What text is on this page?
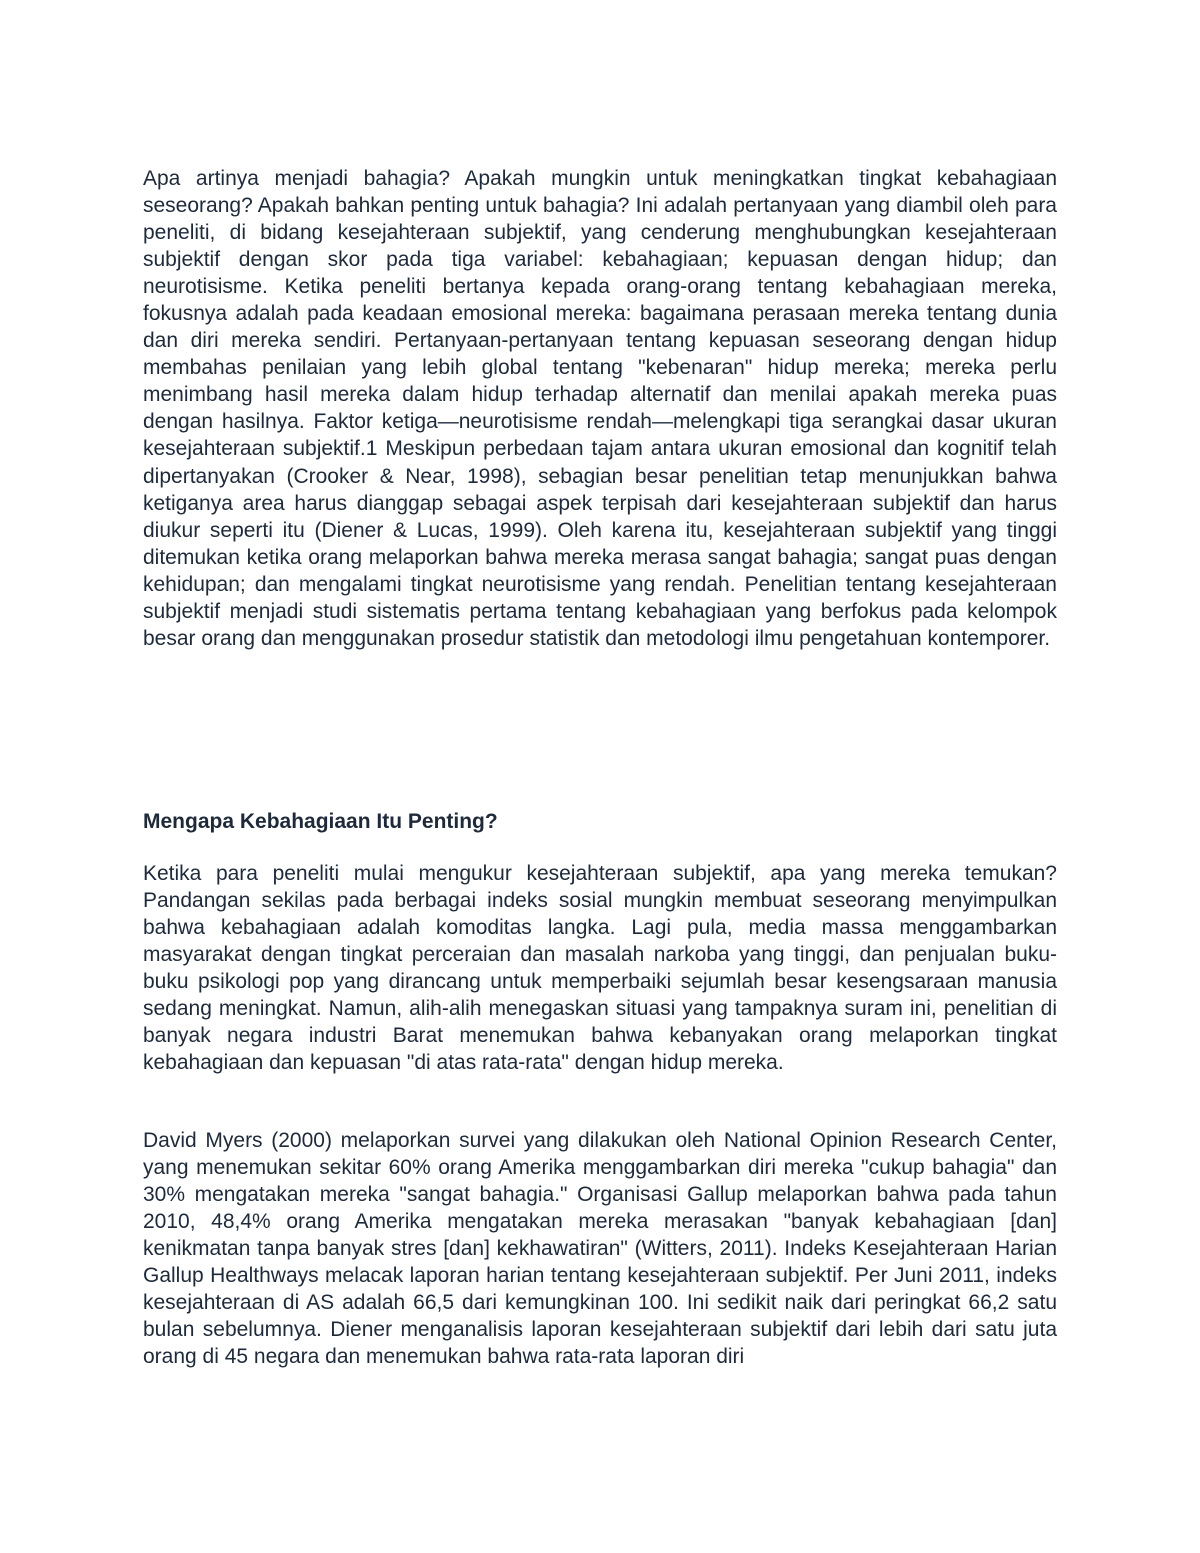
Apa artinya menjadi bahagia? Apakah mungkin untuk meningkatkan tingkat kebahagiaan seseorang? Apakah bahkan penting untuk bahagia? Ini adalah pertanyaan yang diambil oleh para peneliti, di bidang kesejahteraan subjektif, yang cenderung menghubungkan kesejahteraan subjektif dengan skor pada tiga variabel: kebahagiaan; kepuasan dengan hidup; dan neurotisisme. Ketika peneliti bertanya kepada orang-orang tentang kebahagiaan mereka, fokusnya adalah pada keadaan emosional mereka: bagaimana perasaan mereka tentang dunia dan diri mereka sendiri. Pertanyaan-pertanyaan tentang kepuasan seseorang dengan hidup membahas penilaian yang lebih global tentang "kebenaran" hidup mereka; mereka perlu menimbang hasil mereka dalam hidup terhadap alternatif dan menilai apakah mereka puas dengan hasilnya. Faktor ketiga—neurotisisme rendah—melengkapi tiga serangkai dasar ukuran kesejahteraan subjektif.1 Meskipun perbedaan tajam antara ukuran emosional dan kognitif telah dipertanyakan (Crooker & Near, 1998), sebagian besar penelitian tetap menunjukkan bahwa ketiganya area harus dianggap sebagai aspek terpisah dari kesejahteraan subjektif dan harus diukur seperti itu (Diener & Lucas, 1999). Oleh karena itu, kesejahteraan subjektif yang tinggi ditemukan ketika orang melaporkan bahwa mereka merasa sangat bahagia; sangat puas dengan kehidupan; dan mengalami tingkat neurotisisme yang rendah. Penelitian tentang kesejahteraan subjektif menjadi studi sistematis pertama tentang kebahagiaan yang berfokus pada kelompok besar orang dan menggunakan prosedur statistik dan metodologi ilmu pengetahuan kontemporer.

Mengapa Kebahagiaan Itu Penting?

Ketika para peneliti mulai mengukur kesejahteraan subjektif, apa yang mereka temukan? Pandangan sekilas pada berbagai indeks sosial mungkin membuat seseorang menyimpulkan bahwa kebahagiaan adalah komoditas langka. Lagi pula, media massa menggambarkan masyarakat dengan tingkat perceraian dan masalah narkoba yang tinggi, dan penjualan buku-buku psikologi pop yang dirancang untuk memperbaiki sejumlah besar kesengsaraan manusia sedang meningkat. Namun, alih-alih menegaskan situasi yang tampaknya suram ini, penelitian di banyak negara industri Barat menemukan bahwa kebanyakan orang melaporkan tingkat kebahagiaan dan kepuasan "di atas rata-rata" dengan hidup mereka.

David Myers (2000) melaporkan survei yang dilakukan oleh National Opinion Research Center, yang menemukan sekitar 60% orang Amerika menggambarkan diri mereka "cukup bahagia" dan 30% mengatakan mereka "sangat bahagia." Organisasi Gallup melaporkan bahwa pada tahun 2010, 48,4% orang Amerika mengatakan mereka merasakan "banyak kebahagiaan [dan] kenikmatan tanpa banyak stres [dan] kekhawatiran" (Witters, 2011). Indeks Kesejahteraan Harian Gallup Healthways melacak laporan harian tentang kesejahteraan subjektif. Per Juni 2011, indeks kesejahteraan di AS adalah 66,5 dari kemungkinan 100. Ini sedikit naik dari peringkat 66,2 satu bulan sebelumnya. Diener menganalisis laporan kesejahteraan subjektif dari lebih dari satu juta orang di 45 negara dan menemukan bahwa rata-rata laporan diri
